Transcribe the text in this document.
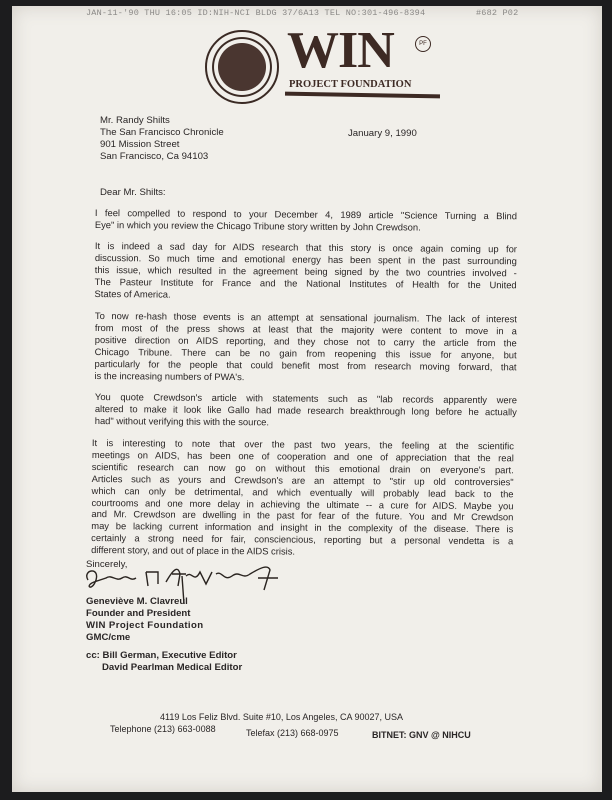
JAN-11-'90 THU 16:05 ID:NIH-NCI BLDG 37/6A13 TEL NO:301-496-8394	#682 P02
WIN	PF
PROJECT FOUNDATION
Mr. Randy Shilts
The San Francisco Chronicle
901 Mission Street
San Francisco, Ca 94103
January 9, 1990
Dear Mr. Shilts:
I feel compelled to respond to your December 4, 1989 article "Science Turning a Blind
Eye" in which you review the Chicago Tribune story written by John Crewdson.
It is indeed a sad day for AIDS research that this story is once again coming up for
discussion. So much time and emotional energy has been spent in the past surrounding
this issue, which resulted in the agreement being signed by the two countries involved -
The Pasteur Institute for France and the National Institutes of Health for the United
States of America.
To now re-hash those events is an attempt at sensational journalism. The lack of interest
from most of the press shows at least that the majority were content to move in a
positive direction on AIDS reporting, and they chose not to carry the article from the
Chicago Tribune. There can be no gain from reopening this issue for anyone, but
particularly for the people that could benefit most from research moving forward, that
is the increasing numbers of PWA's.
You quote Crewdson's article with statements such as "lab records apparently were
altered to make it look like Gallo had made research breakthrough long before he actually
had" without verifying this with the source.
It is interesting to note that over the past two years, the feeling at the scientific
meetings on AIDS, has been one of cooperation and one of appreciation that the real
scientific research can now go on without this emotional drain on everyone's part.
Articles such as yours and Crewdson's are an attempt to "stir up old controversies"
which can only be detrimental, and which eventually will probably lead back to the
courtrooms and one more delay in achieving the ultimate -- a cure for AIDS. Maybe you
and Mr. Crewdson are dwelling in the past for fear of the future. You and Mr Crewdson
may be lacking current information and insight in the complexity of the disease. There is
certainly a strong need for fair, consciencious, reporting but a personal vendetta is a
different story, and out of place in the AIDS crisis.
Sincerely,
Geneviève M. Clavreul
Founder and President
WIN Project Foundation
GMC/cme
cc: Bill German, Executive Editor
David Pearlman Medical Editor
4119 Los Feliz Blvd. Suite #10, Los Angeles, CA 90027, USA
Telephone (213) 663-0088	Telefax (213) 668-0975	BITNET: GNV @ NIHCU
